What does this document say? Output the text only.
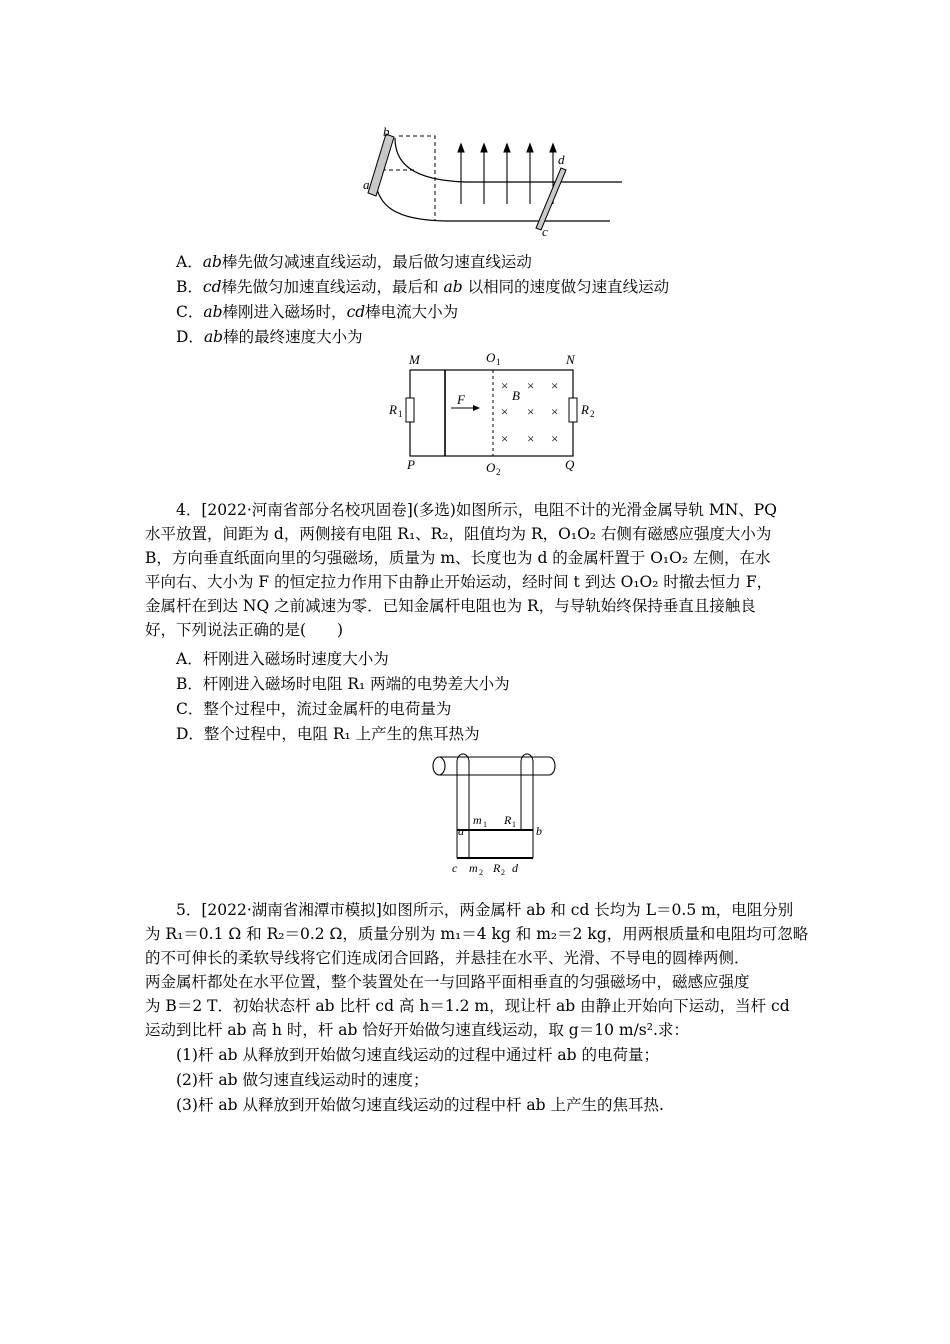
b
a
d
c
A．ab棒先做匀减速直线运动，最后做匀速直线运动
B．cd棒先做匀加速直线运动，最后和 ab 以相同的速度做匀速直线运动
C．ab棒刚进入磁场时，cd棒电流大小为
D．ab棒的最终速度大小为
F
M	N
P	Q
O 1
O 2
R 1	R 2
B
× × ×
× × ×
× × ×
4．[2022·河南省部分名校巩固卷](多选)如图所示，电阻不计的光滑金属导轨 MN、PQ
水平放置，间距为 d，两侧接有电阻 R₁、R₂，阻值均为 R，O₁O₂ 右侧有磁感应强度大小为
B，方向垂直纸面向里的匀强磁场，质量为 m、长度也为 d 的金属杆置于 O₁O₂ 左侧，在水
平向右、大小为 F 的恒定拉力作用下由静止开始运动，经时间 t 到达 O₁O₂ 时撤去恒力 F，
金属杆在到达 NQ 之前减速为零．已知金属杆电阻也为 R，与导轨始终保持垂直且接触良
好，下列说法正确的是(　　)
A．杆刚进入磁场时速度大小为
B．杆刚进入磁场时电阻 R₁ 两端的电势差大小为
C．整个过程中，流过金属杆的电荷量为
D．整个过程中，电阻 R₁ 上产生的焦耳热为
a	b
m 1 R 1
c m 2 R 2 d
5．[2022·湖南省湘潭市模拟]如图所示，两金属杆 ab 和 cd 长均为 L＝0.5 m，电阻分别
为 R₁＝0.1 Ω 和 R₂＝0.2 Ω，质量分别为 m₁＝4 kg 和 m₂＝2 kg，用两根质量和电阻均可忽略
的不可伸长的柔软导线将它们连成闭合回路，并悬挂在水平、光滑、不导电的圆棒两侧．
两金属杆都处在水平位置，整个装置处在一与回路平面相垂直的匀强磁场中，磁感应强度
为 B＝2 T．初始状态杆 ab 比杆 cd 高 h＝1.2 m，现让杆 ab 由静止开始向下运动，当杆 cd
运动到比杆 ab 高 h 时，杆 ab 恰好开始做匀速直线运动，取 g＝10 m/s².求：
(1)杆 ab 从释放到开始做匀速直线运动的过程中通过杆 ab 的电荷量；
(2)杆 ab 做匀速直线运动时的速度；
(3)杆 ab 从释放到开始做匀速直线运动的过程中杆 ab 上产生的焦耳热.
